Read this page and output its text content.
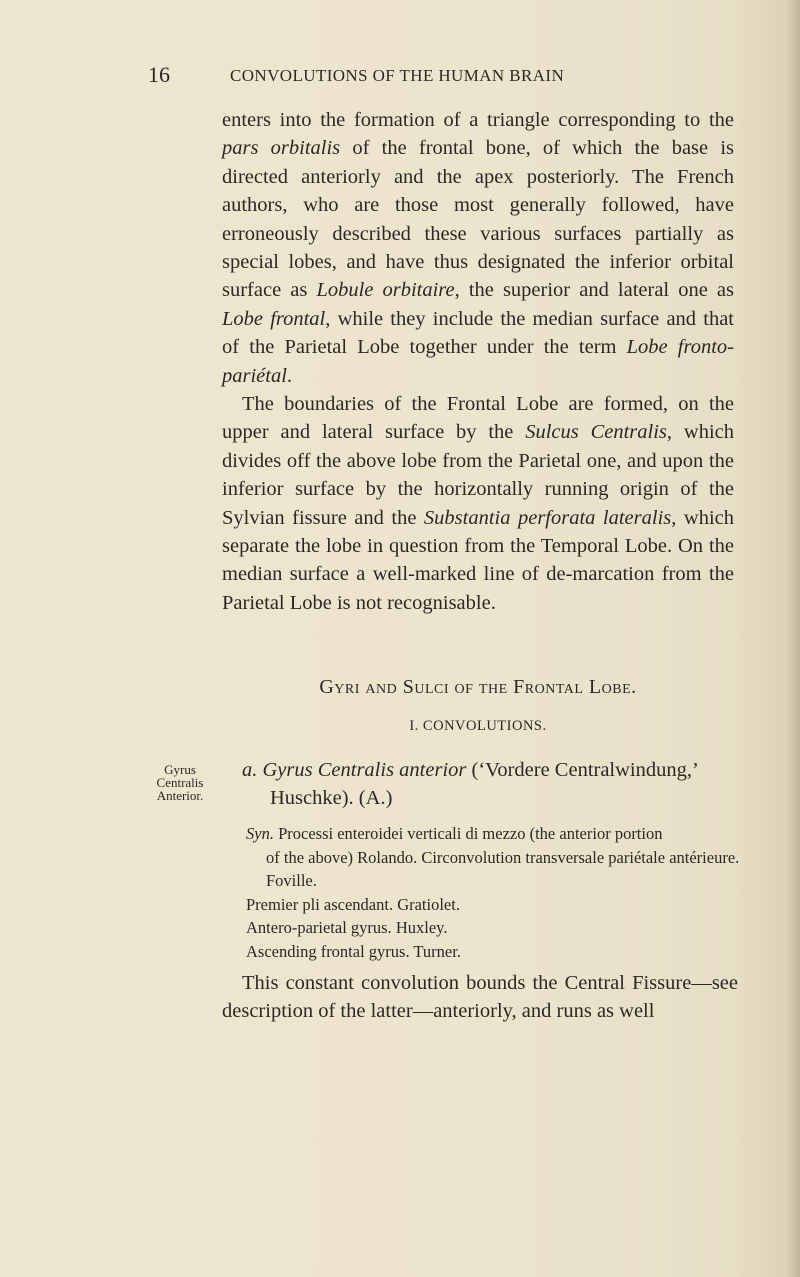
16	CONVOLUTIONS OF THE HUMAN BRAIN

enters into the formation of a triangle corresponding to the pars orbitalis of the frontal bone, of which the base is directed anteriorly and the apex posteriorly. The French authors, who are those most generally followed, have erroneously described these various surfaces partially as special lobes, and have thus designated the inferior orbital surface as Lobule orbitaire, the superior and lateral one as Lobe frontal, while they include the median surface and that of the Parietal Lobe together under the term Lobe fronto-pariétal.

The boundaries of the Frontal Lobe are formed, on the upper and lateral surface by the Sulcus Centralis, which divides off the above lobe from the Parietal one, and upon the inferior surface by the horizontally running origin of the Sylvian fissure and the Substantia perforata lateralis, which separate the lobe in question from the Temporal Lobe. On the median surface a well-marked line of de-marcation from the Parietal Lobe is not recognisable.

Gyri and Sulci of the Frontal Lobe.
I. CONVOLUTIONS.
Gyrus
Centralis
Anterior.

a. Gyrus Centralis anterior (‘Vordere Centralwindung,’ Huschke). (A.)

Syn. Processi enteroidei verticali di mezzo (the anterior portion
of the above) Rolando. Circonvolution transversale pariétale antérieure. Foville.
Premier pli ascendant. Gratiolet.
Antero-parietal gyrus. Huxley.
Ascending frontal gyrus. Turner.

This constant convolution bounds the Central Fissure—see description of the latter—anteriorly, and runs as well
